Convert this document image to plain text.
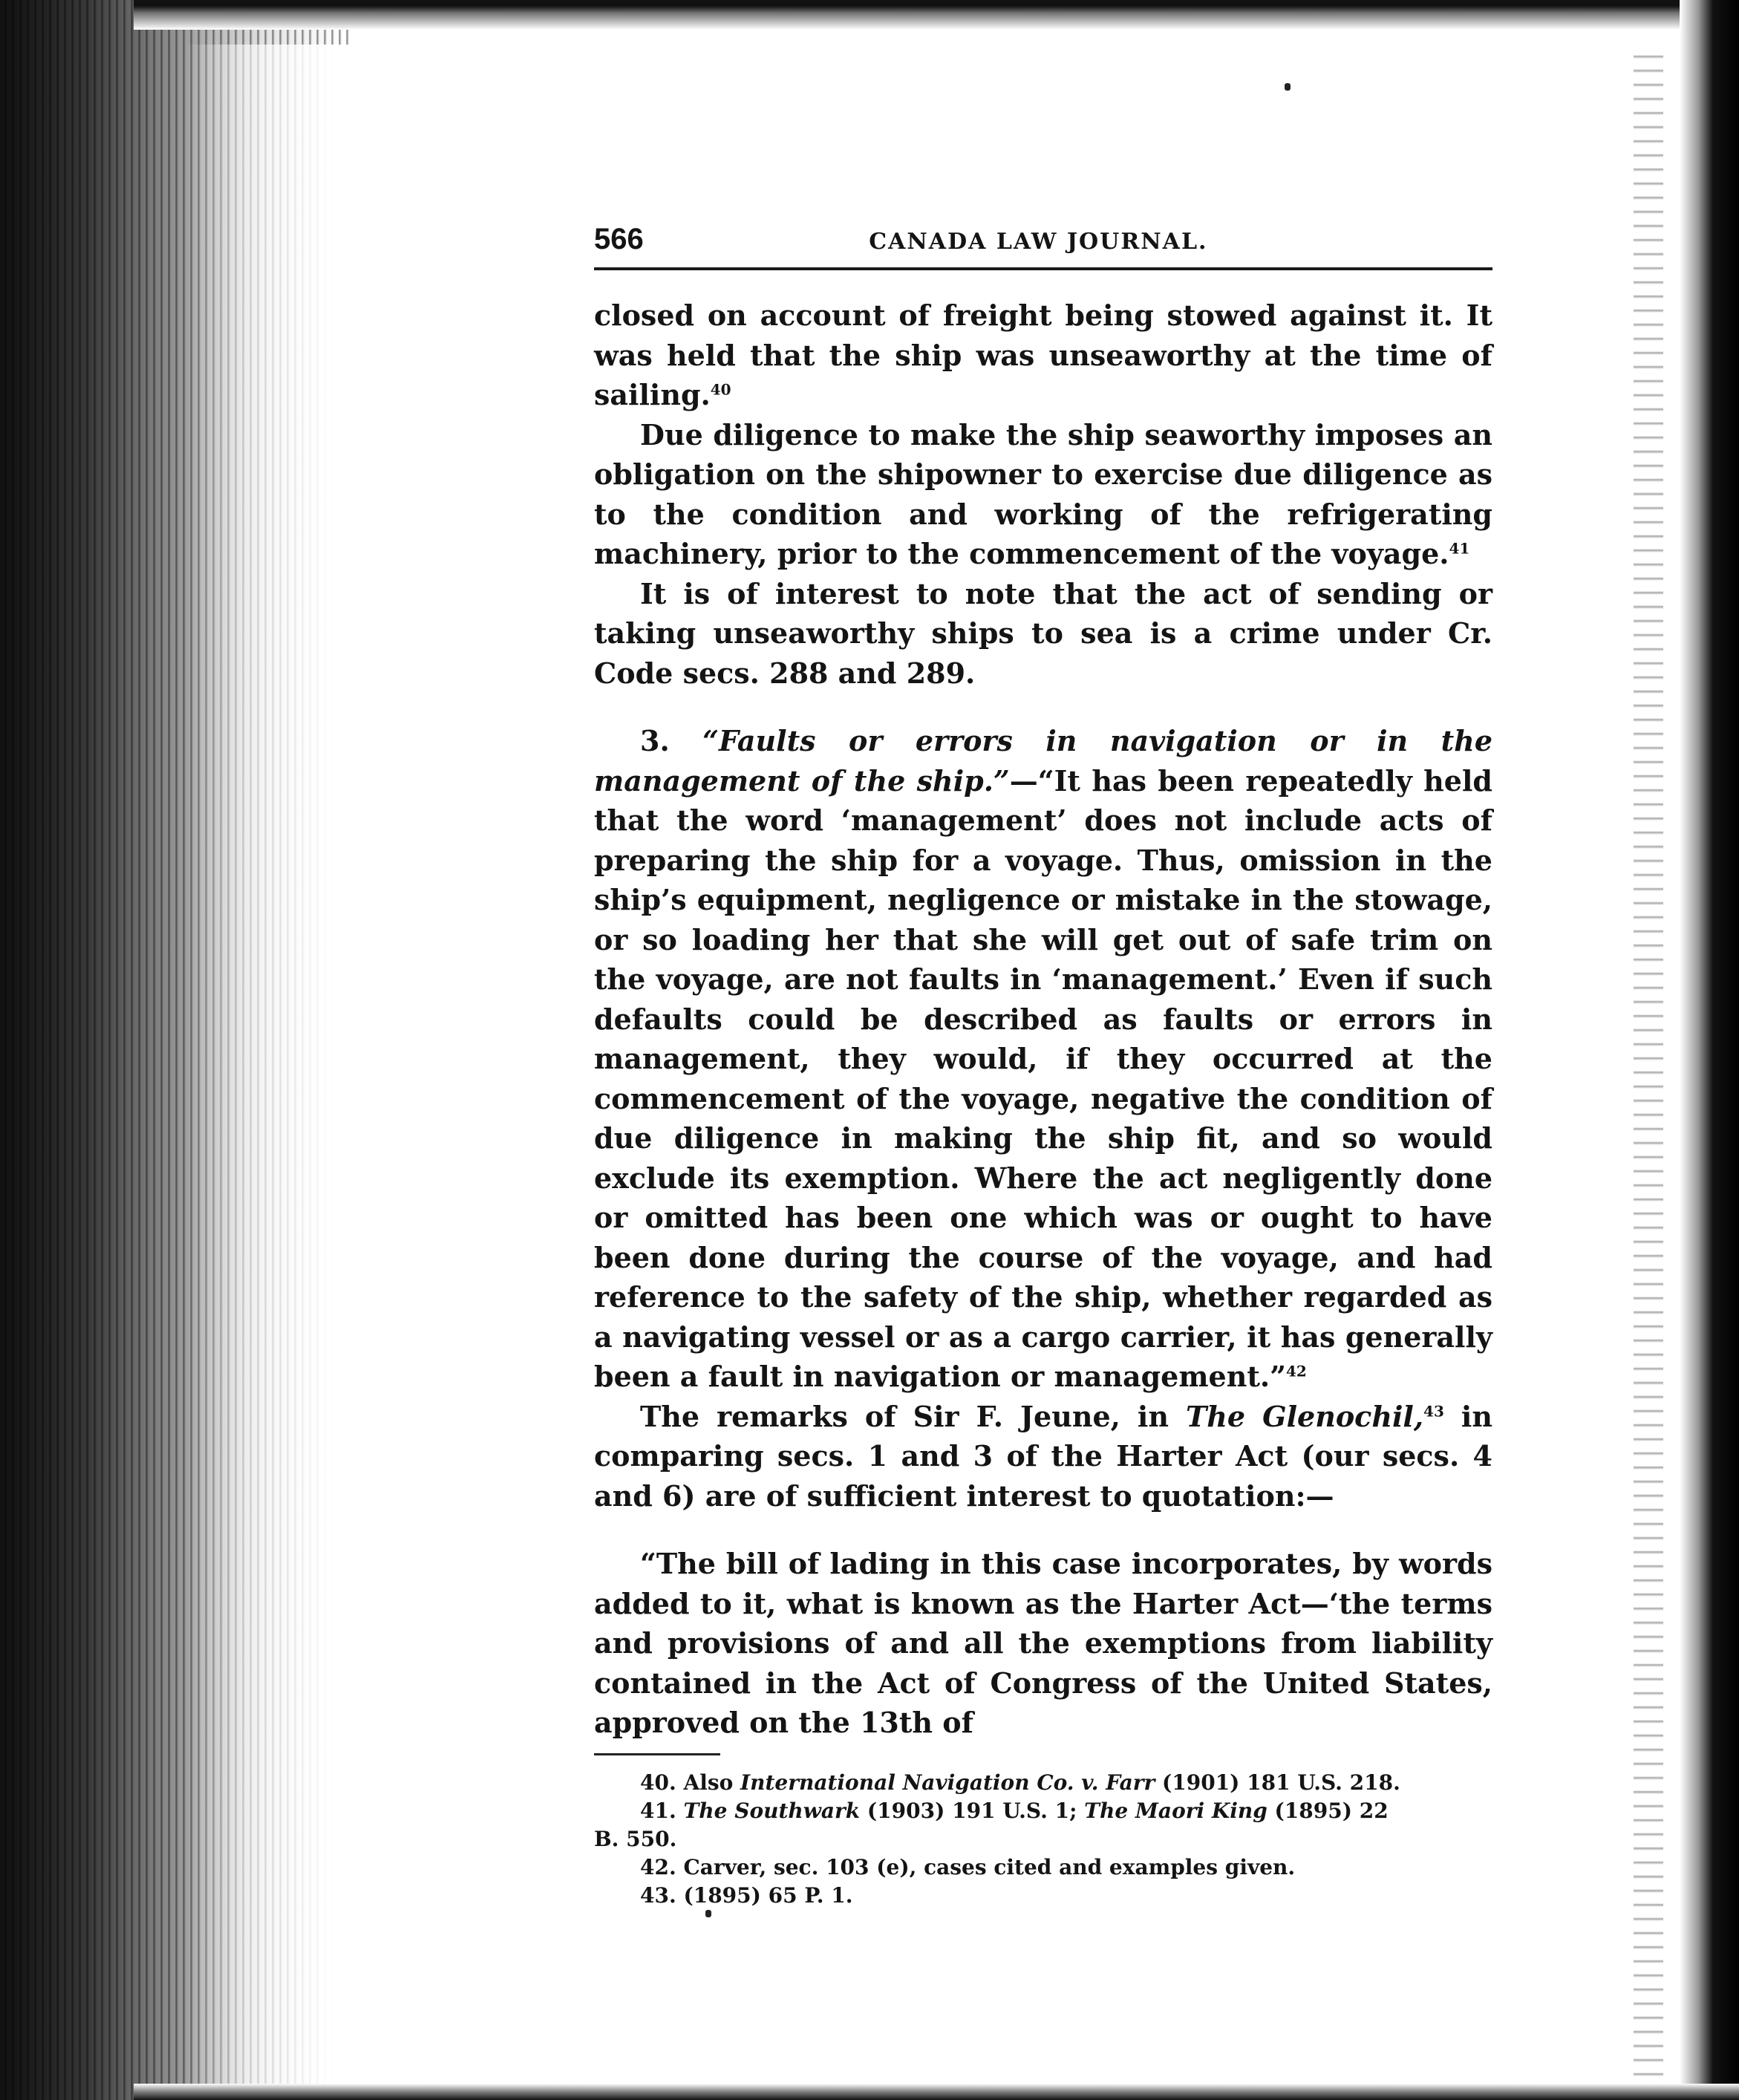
566	CANADA LAW JOURNAL.

closed on account of freight being stowed against it. It was held that the ship was unseaworthy at the time of sailing.$^{40}$

Due diligence to make the ship seaworthy imposes an obligation on the shipowner to exercise due diligence as to the condition and working of the refrigerating machinery, prior to the commencement of the voyage.$^{41}$

It is of interest to note that the act of sending or taking unseaworthy ships to sea is a crime under Cr. Code secs. 288 and 289.

3. “Faults or errors in navigation or in the management of the ship.”—“It has been repeatedly held that the word ‘management’ does not include acts of preparing the ship for a voyage. Thus, omission in the ship’s equipment, negligence or mistake in the stowage, or so loading her that she will get out of safe trim on the voyage, are not faults in ‘management.’ Even if such defaults could be described as faults or errors in management, they would, if they occurred at the commencement of the voyage, negative the condition of due diligence in making the ship fit, and so would exclude its exemption. Where the act negligently done or omitted has been one which was or ought to have been done during the course of the voyage, and had reference to the safety of the ship, whether regarded as a navigating vessel or as a cargo carrier, it has generally been a fault in navigation or management.”$^{42}$

The remarks of Sir F. Jeune, in The Glenochil,$^{43}$ in comparing secs. 1 and 3 of the Harter Act (our secs. 4 and 6) are of sufficient interest to quotation:—

“The bill of lading in this case incorporates, by words added to it, what is known as the Harter Act—‘the terms and provisions of and all the exemptions from liability contained in the Act of Congress of the United States, approved on the 13th of

40. Also International Navigation Co. v. Farr (1901) 181 U.S. 218.

41. The Southwark (1903) 191 U.S. 1; The Maori King (1895) 22

B. 550.

42. Carver, sec. 103 (e), cases cited and examples given.

43. (1895) 65 P. 1.
